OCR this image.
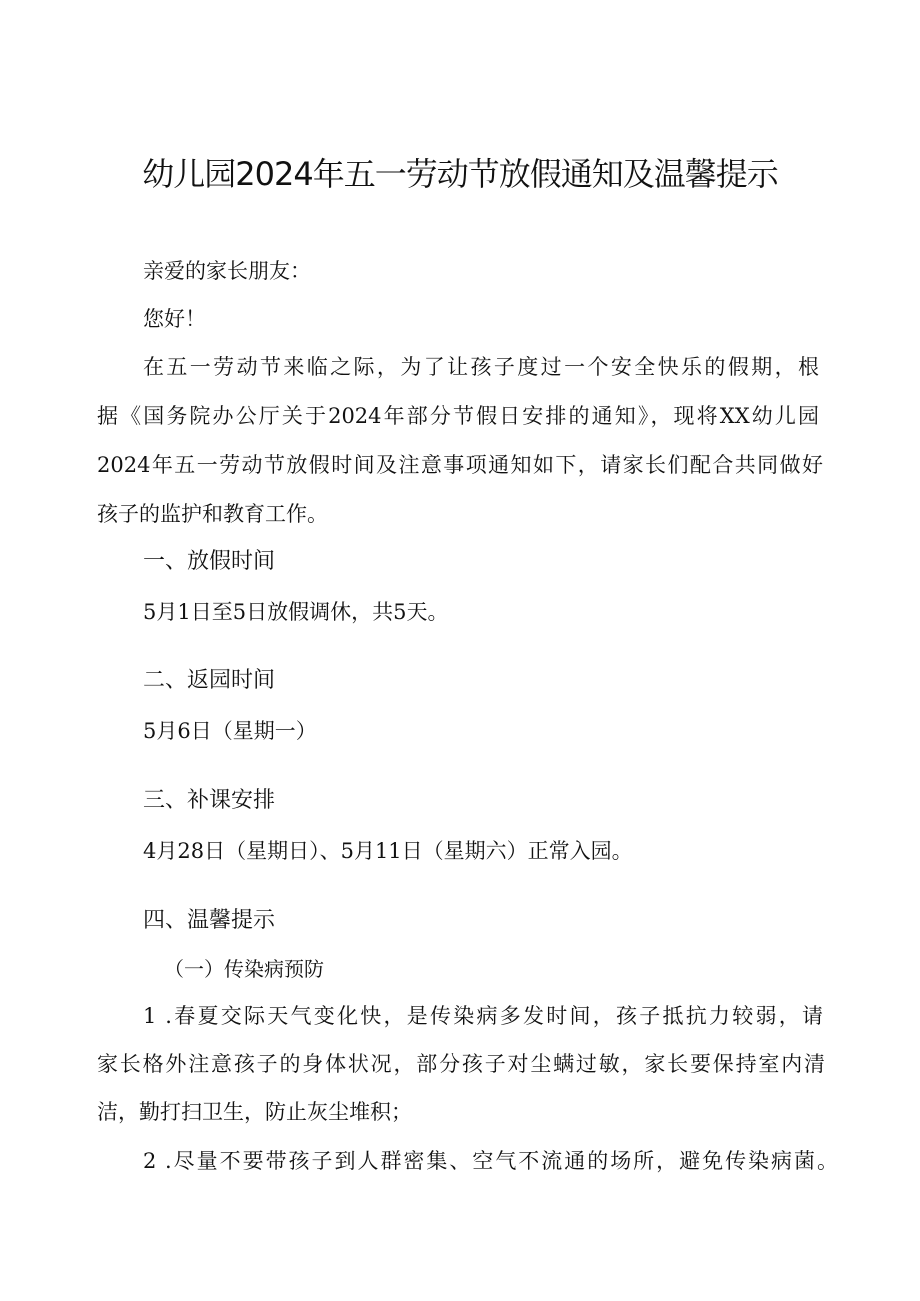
幼儿园2024年五一劳动节放假通知及温馨提示

亲爱的家长朋友：

您好！

在五一劳动节来临之际，为了让孩子度过一个安全快乐的假期，根

据《国务院办公厅关于2024年部分节假日安排的通知》，现将XX幼儿园

2024年五一劳动节放假时间及注意事项通知如下，请家长们配合共同做好

孩子的监护和教育工作。

一、放假时间

5月1日至5日放假调休，共5天。

二、返园时间

5月6日（星期一）

三、补课安排

4月28日（星期日）、5月11日（星期六）正常入园。

四、温馨提示

（一）传染病预防

1 .春夏交际天气变化快，是传染病多发时间，孩子抵抗力较弱，请

家长格外注意孩子的身体状况，部分孩子对尘螨过敏，家长要保持室内清

洁，勤打扫卫生，防止灰尘堆积；

2 .尽量不要带孩子到人群密集、空气不流通的场所，避免传染病菌。
